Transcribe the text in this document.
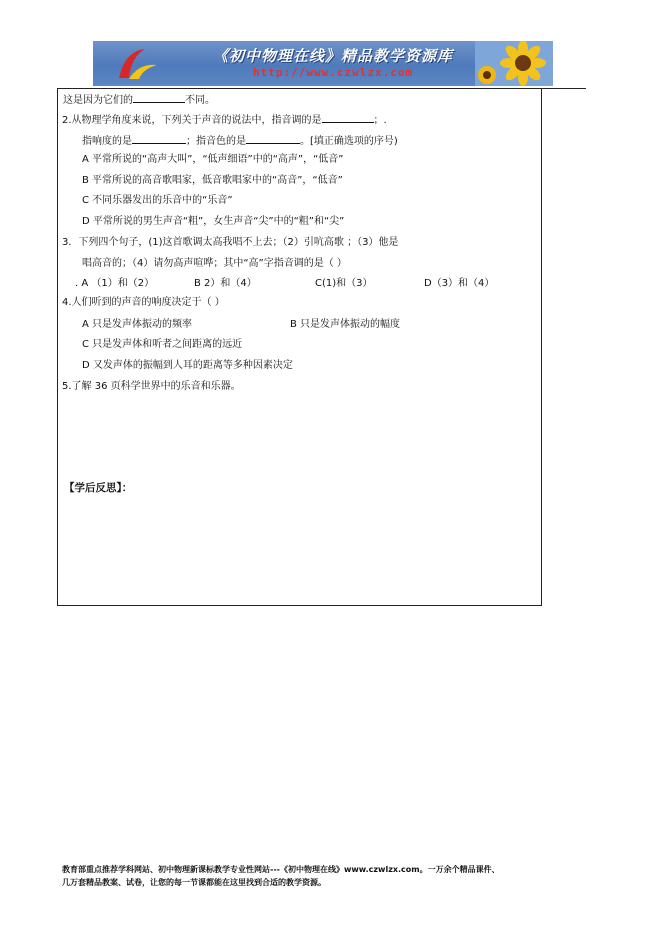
《初中物理在线》精品教学资源库
http://www.czwlzx.com
这是因为它们的	不同。
2.从物理学角度来说，下列关于声音的说法中，指音调的是	；.
指响度的是	；指音色的是	。[填正确选项的序号)
A 平常所说的“高声大叫”，“低声细语”中的“高声”，“低音”
B 平常所说的高音歌唱家，低音歌唱家中的“高音”，“低音”
C 不同乐器发出的乐音中的“乐音”
D 平常所说的男生声音“粗”，女生声音“尖”中的“粗”和“尖”
3．下列四个句子，(1)这首歌调太高我唱不上去；（2）引吭高歌 ；（3）他是
唱高音的；（4）请勿高声喧哗；其中“高”字指音调的是（ ）
. A （1）和（2）	B 2）和（4）	C(1)和（3）	D（3）和（4）
4.人们听到的声音的响度决定于（ ）
A 只是发声体振动的频率	B 只是发声体振动的幅度
C 只是发声体和听者之间距离的远近
D 又发声体的振幅到人耳的距离等多种因素决定
5.了解 36 页科学世界中的乐音和乐器。
【学后反思】：
教育部重点推荐学科网站、初中物理新课标教学专业性网站---《初中物理在线》www.czwlzx.com。一万余个精品课件、
几万套精品教案、试卷，让您的每一节课都能在这里找到合适的教学资源。
